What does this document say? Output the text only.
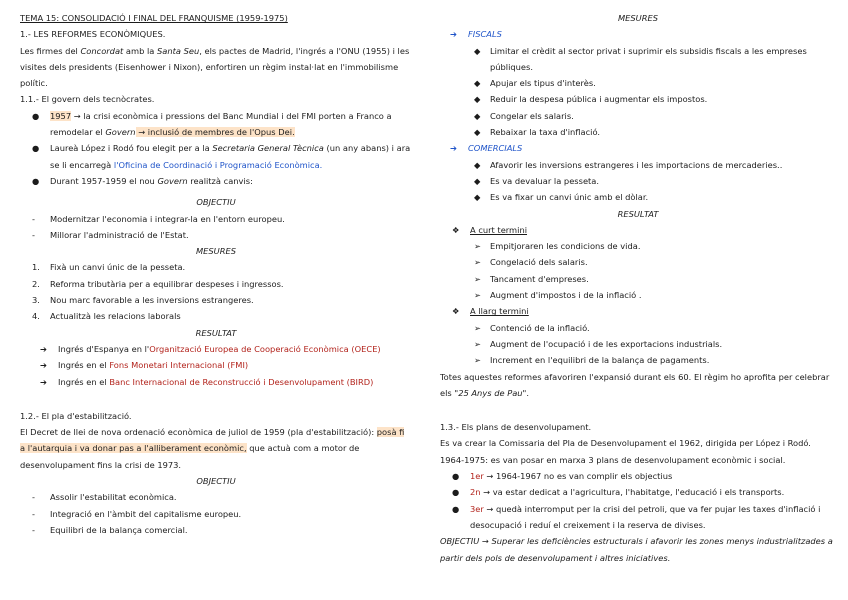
TEMA 15: CONSOLIDACIÓ I FINAL DEL FRANQUISME (1959-1975)
1.- LES REFORMES ECONÒMIQUES.
Les firmes del Concordat amb la Santa Seu, els pactes de Madrid, l'ingrés a l'ONU (1955) i les visites dels presidents (Eisenhower i Nixon), enfortiren un règim instal·lat en l'immobilisme polític.
1.1.- El govern dels tecnòcrates.
● 1957 → la crisi econòmica i pressions del Banc Mundial i del FMI porten a Franco a remodelar el Govern → inclusió de membres de l'Opus Dei.
● Laureà López i Rodó fou elegit per a la Secretaria General Tècnica (un any abans) i ara se li encarregà l'Oficina de Coordinació i Programació Econòmica.
● Durant 1957-1959 el nou Govern realitzà canvis:
OBJECTIU
- Modernitzar l'economia i integrar-la en l'entorn europeu.
- Millorar l'administració de l'Estat.
MESURES
1. Fixà un canvi únic de la pesseta.
2. Reforma tributària per a equilibrar despeses i ingressos.
3. Nou marc favorable a les inversions estrangeres.
4. Actualitzà les relacions laborals
RESULTAT
➔ Ingrés d'Espanya en l'Organització Europea de Cooperació Econòmica (OECE)
➔ Ingrés en el Fons Monetari Internacional (FMI)
➔ Ingrés en el Banc Internacional de Reconstrucció i Desenvolupament (BIRD)
1.2.- El pla d'estabilització.
El Decret de llei de nova ordenació econòmica de juliol de 1959 (pla d'estabilització): posà fi a l'autarquia i va donar pas a l'alliberament econòmic, que actuà com a motor de desenvolupament fins la crisi de 1973.
OBJECTIU
- Assolir l'estabilitat econòmica.
- Integració en l'àmbit del capitalisme europeu.
- Equilibri de la balança comercial.
MESURES
➔ FISCALS
◆ Limitar el crèdit al sector privat i suprimir els subsidis fiscals a les empreses públiques.
◆ Apujar els tipus d'interès.
◆ Reduir la despesa pública i augmentar els impostos.
◆ Congelar els salaris.
◆ Rebaixar la taxa d'inflació.
➔ COMERCIALS
◆ Afavorir les inversions estrangeres i les importacions de mercaderies..
◆ Es va devaluar la pesseta.
◆ Es va fixar un canvi únic amb el dòlar.
RESULTAT
❖ A curt termini
➢ Empitjoraren les condicions de vida.
➢ Congelació dels salaris.
➢ Tancament d'empreses.
➢ Augment d'impostos i de la inflació .
❖ A llarg termini
➢ Contenció de la inflació.
➢ Augment de l'ocupació i de les exportacions industrials.
➢ Increment en l'equilibri de la balança de pagaments.
Totes aquestes reformes afavoriren l'expansió durant els 60. El règim ho aprofita per celebrar els "25 Anys de Pau".
1.3.- Els plans de desenvolupament.
Es va crear la Comissaria del Pla de Desenvolupament el 1962, dirigida per López i Rodó. 1964-1975: es van posar en marxa 3 plans de desenvolupament econòmic i social.
● 1er → 1964-1967 no es van complir els objectius
● 2n → va estar dedicat a l'agricultura, l'habitatge, l'educació i els transports.
● 3er → quedà interromput per la crisi del petroli, que va fer pujar les taxes d'inflació i desocupació i reduí el creixement i la reserva de divises.
OBJECTIU → Superar les deficiències estructurals i afavorir les zones menys industrialitzades a partir dels pols de desenvolupament i altres iniciatives.
